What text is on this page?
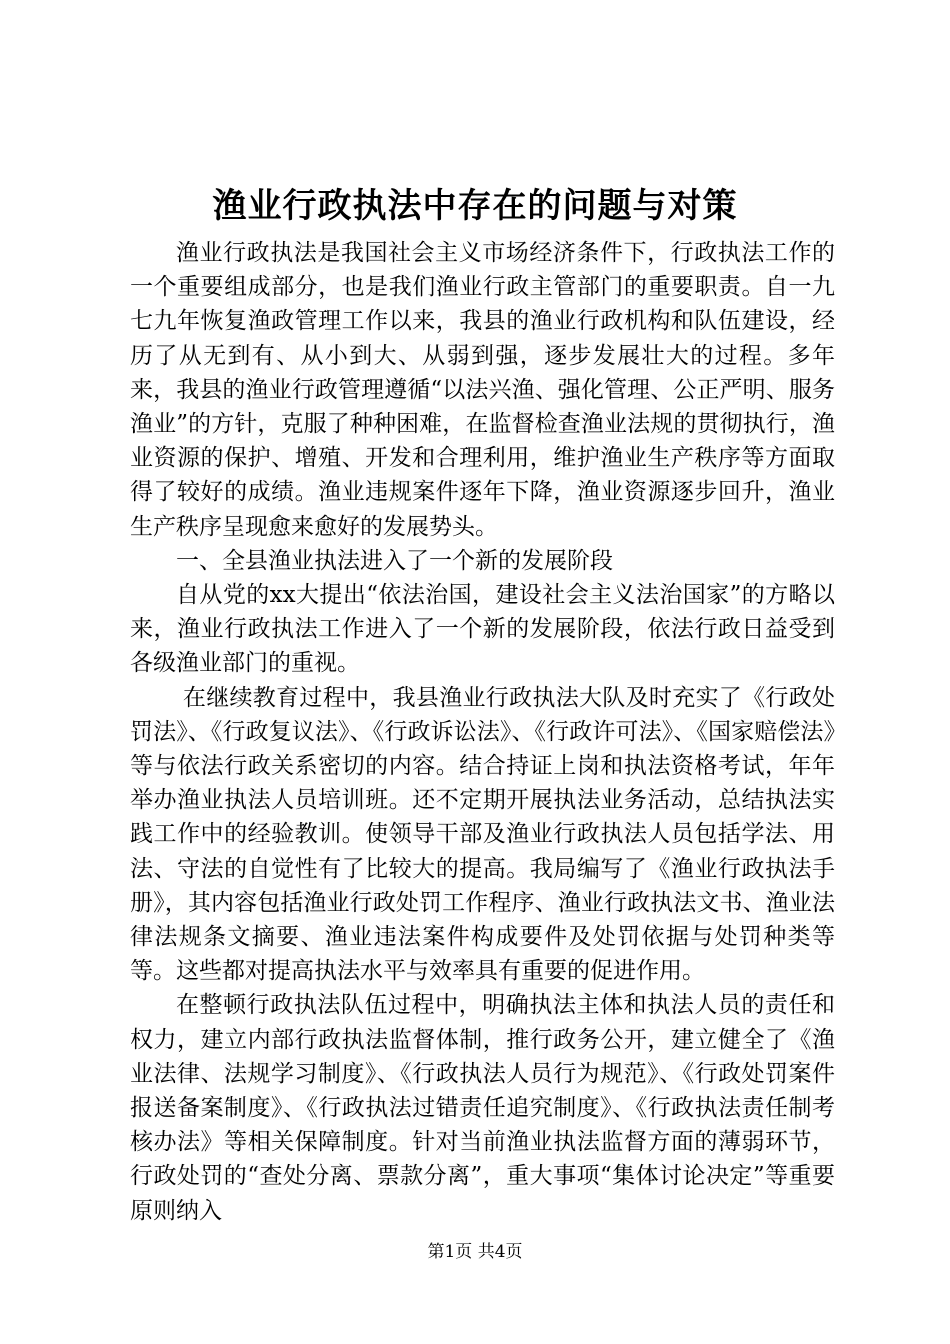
渔业行政执法中存在的问题与对策

渔业行政执法是我国社会主义市场经济条件下，行政执法工作的一个重要组成部分，也是我们渔业行政主管部门的重要职责。自一九七九年恢复渔政管理工作以来，我县的渔业行政机构和队伍建设，经历了从无到有、从小到大、从弱到强，逐步发展壮大的过程。多年来，我县的渔业行政管理遵循“以法兴渔、强化管理、公正严明、服务渔业”的方针，克服了种种困难，在监督检查渔业法规的贯彻执行，渔业资源的保护、增殖、开发和合理利用，维护渔业生产秩序等方面取得了较好的成绩。渔业违规案件逐年下降，渔业资源逐步回升，渔业生产秩序呈现愈来愈好的发展势头。

一、全县渔业执法进入了一个新的发展阶段

自从党的xx大提出“依法治国，建设社会主义法治国家”的方略以来，渔业行政执法工作进入了一个新的发展阶段，依法行政日益受到各级渔业部门的重视。

在继续教育过程中，我县渔业行政执法大队及时充实了《行政处罚法》、《行政复议法》、《行政诉讼法》、《行政许可法》、《国家赔偿法》等与依法行政关系密切的内容。结合持证上岗和执法资格考试，年年举办渔业执法人员培训班。还不定期开展执法业务活动，总结执法实践工作中的经验教训。使领导干部及渔业行政执法人员包括学法、用法、守法的自觉性有了比较大的提高。我局编写了《渔业行政执法手册》，其内容包括渔业行政处罚工作程序、渔业行政执法文书、渔业法律法规条文摘要、渔业违法案件构成要件及处罚依据与处罚种类等等。这些都对提高执法水平与效率具有重要的促进作用。

在整顿行政执法队伍过程中，明确执法主体和执法人员的责任和权力，建立内部行政执法监督体制，推行政务公开，建立健全了《渔业法律、法规学习制度》、《行政执法人员行为规范》、《行政处罚案件报送备案制度》、《行政执法过错责任追究制度》、《行政执法责任制考核办法》等相关保障制度。针对当前渔业执法监督方面的薄弱环节，行政处罚的“查处分离、票款分离”，重大事项“集体讨论决定”等重要原则纳入

第1页 共4页
